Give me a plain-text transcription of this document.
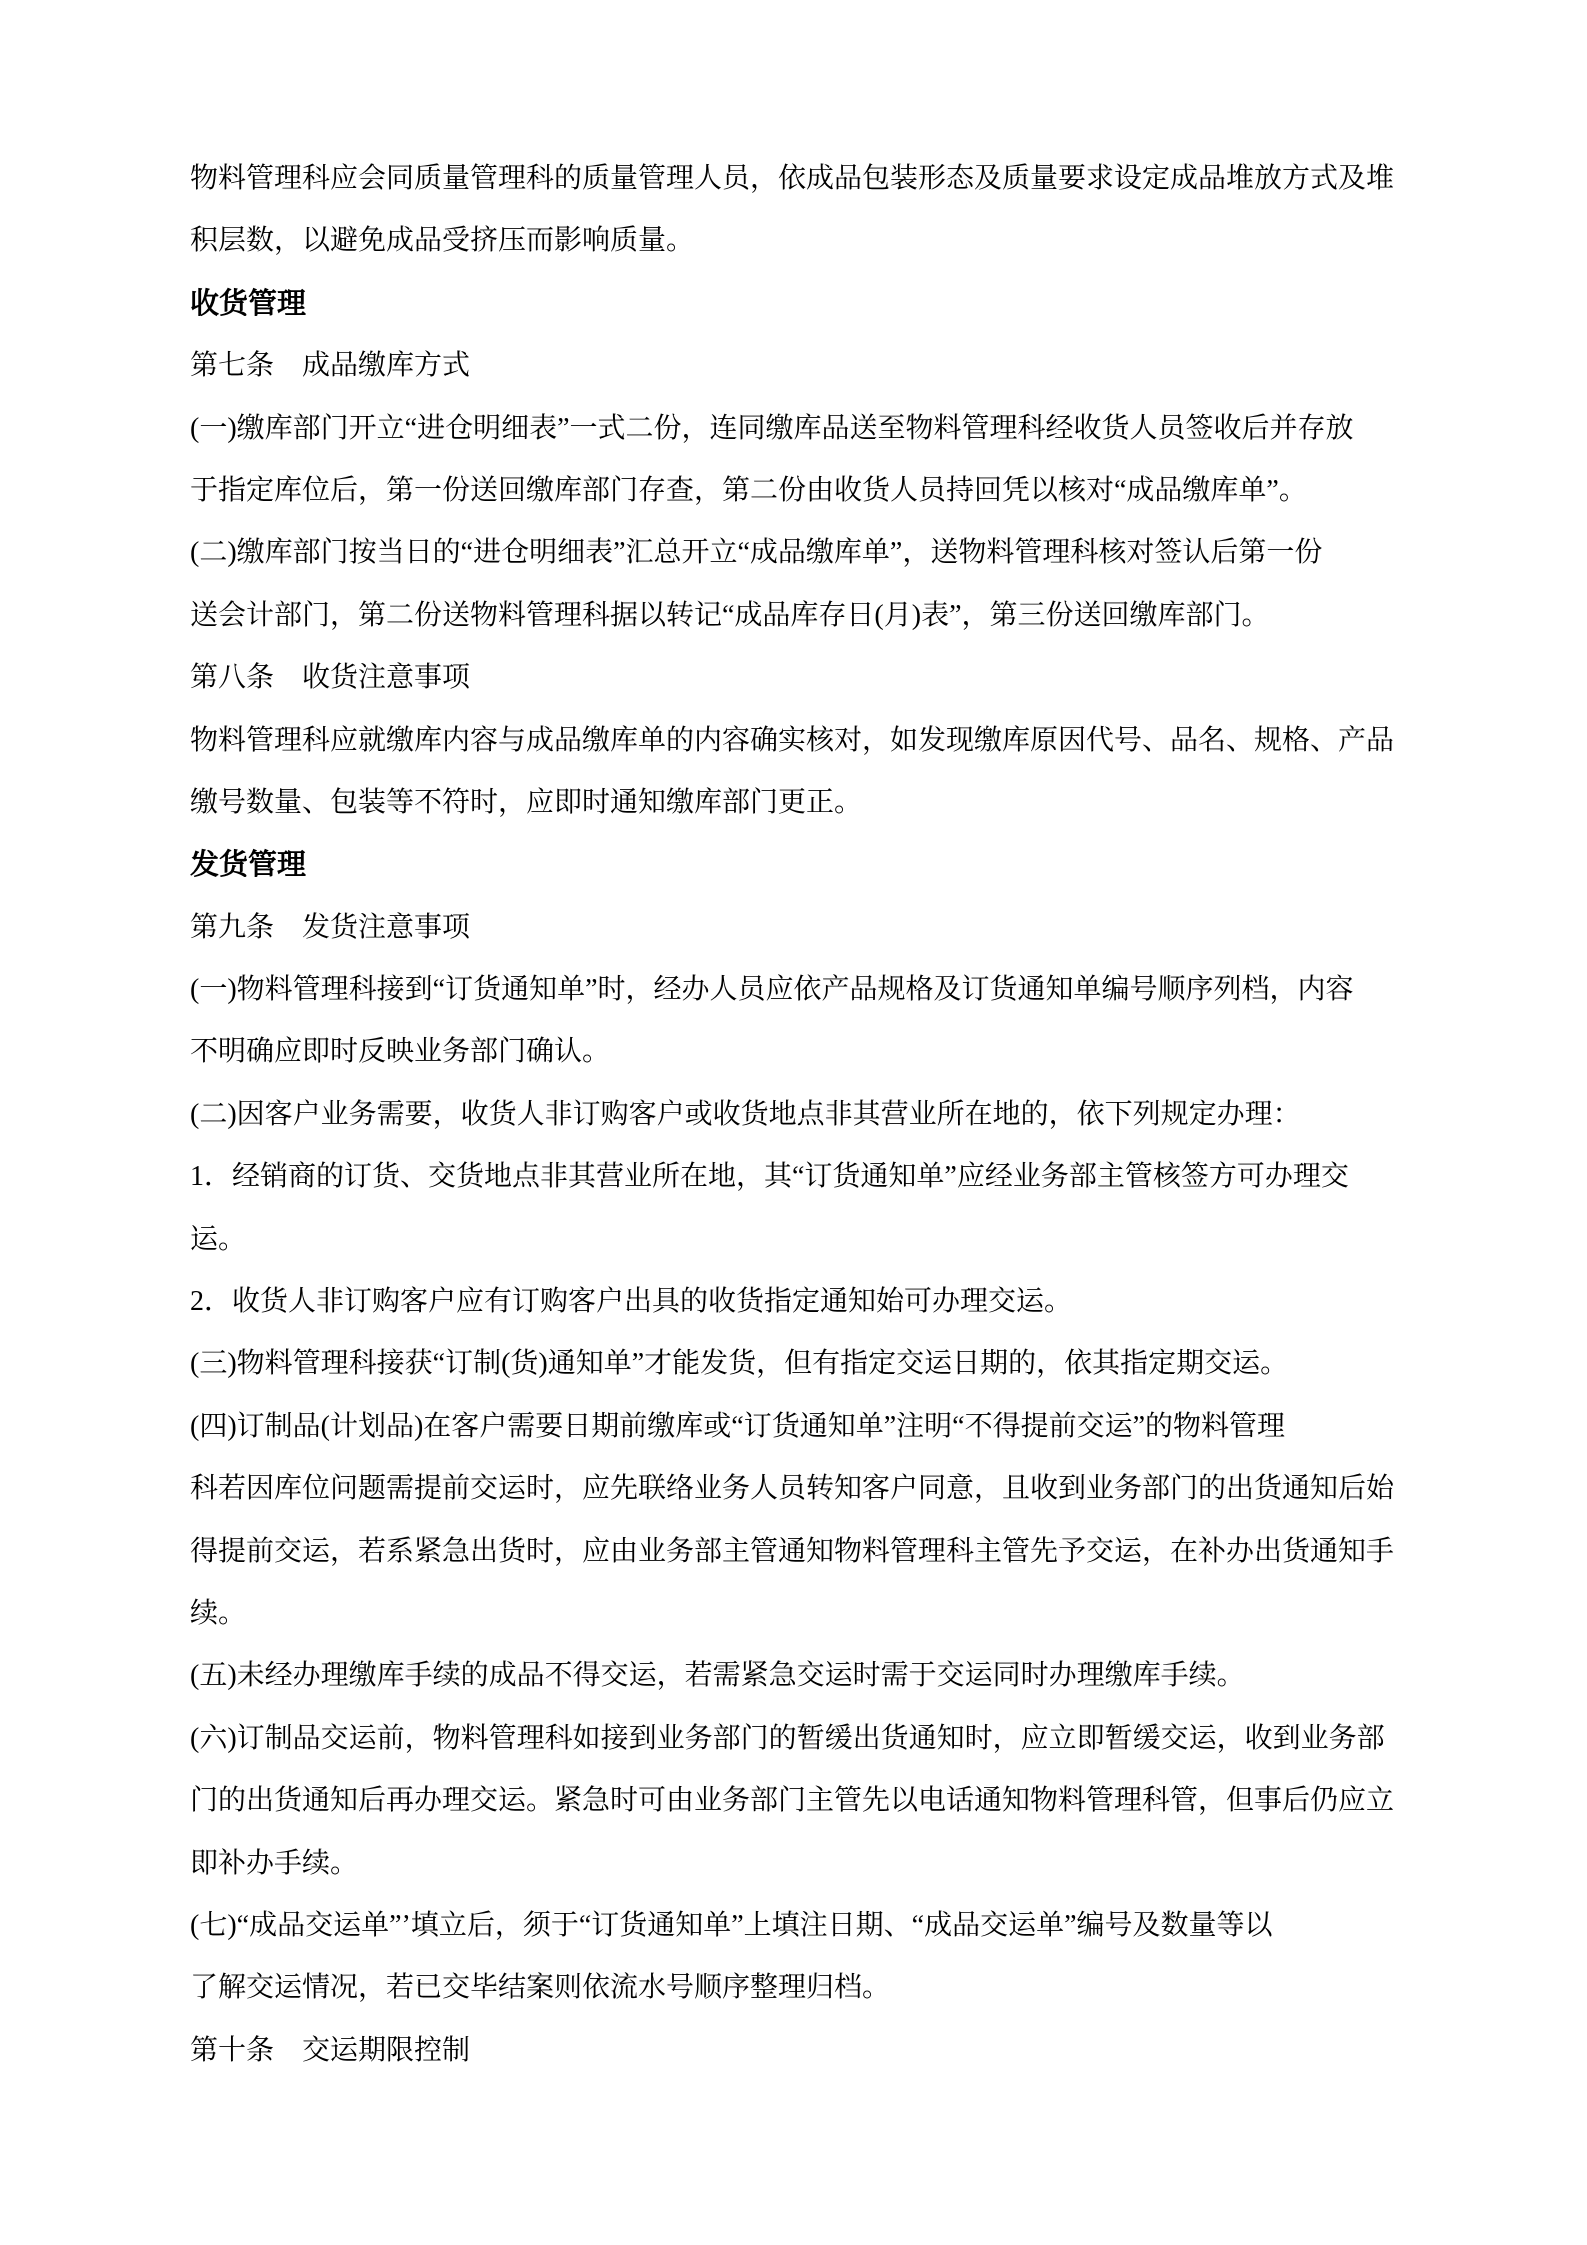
物料管理科应会同质量管理科的质量管理人员，依成品包装形态及质量要求设定成品堆放方式及堆
积层数，以避免成品受挤压而影响质量。
收货管理
第七条　成品缴库方式
(一)缴库部门开立“进仓明细表”一式二份，连同缴库品送至物料管理科经收货人员签收后并存放
于指定库位后，第一份送回缴库部门存查，第二份由收货人员持回凭以核对“成品缴库单”。
(二)缴库部门按当日的“进仓明细表”汇总开立“成品缴库单”，送物料管理科核对签认后第一份
送会计部门，第二份送物料管理科据以转记“成品库存日(月)表”，第三份送回缴库部门。
第八条　收货注意事项
物料管理科应就缴库内容与成品缴库单的内容确实核对，如发现缴库原因代号、品名、规格、产品
缴号数量、包装等不符时，应即时通知缴库部门更正。
发货管理
第九条　发货注意事项
(一)物料管理科接到“订货通知单”时，经办人员应依产品规格及订货通知单编号顺序列档，内容
不明确应即时反映业务部门确认。
(二)因客户业务需要，收货人非订购客户或收货地点非其营业所在地的，依下列规定办理：
1．经销商的订货、交货地点非其营业所在地，其“订货通知单”应经业务部主管核签方可办理交
运。
2．收货人非订购客户应有订购客户出具的收货指定通知始可办理交运。
(三)物料管理科接获“订制(货)通知单”才能发货，但有指定交运日期的，依其指定期交运。
(四)订制品(计划品)在客户需要日期前缴库或“订货通知单”注明“不得提前交运”的物料管理
科若因库位问题需提前交运时，应先联络业务人员转知客户同意，且收到业务部门的出货通知后始
得提前交运，若系紧急出货时，应由业务部主管通知物料管理科主管先予交运，在补办出货通知手
续。
(五)未经办理缴库手续的成品不得交运，若需紧急交运时需于交运同时办理缴库手续。
(六)订制品交运前，物料管理科如接到业务部门的暂缓出货通知时，应立即暂缓交运，收到业务部
门的出货通知后再办理交运。紧急时可由业务部门主管先以电话通知物料管理科管，但事后仍应立
即补办手续。
(七)“成品交运单”’填立后，须于“订货通知单”上填注日期、“成品交运单”编号及数量等以
了解交运情况，若已交毕结案则依流水号顺序整理归档。
第十条　交运期限控制
